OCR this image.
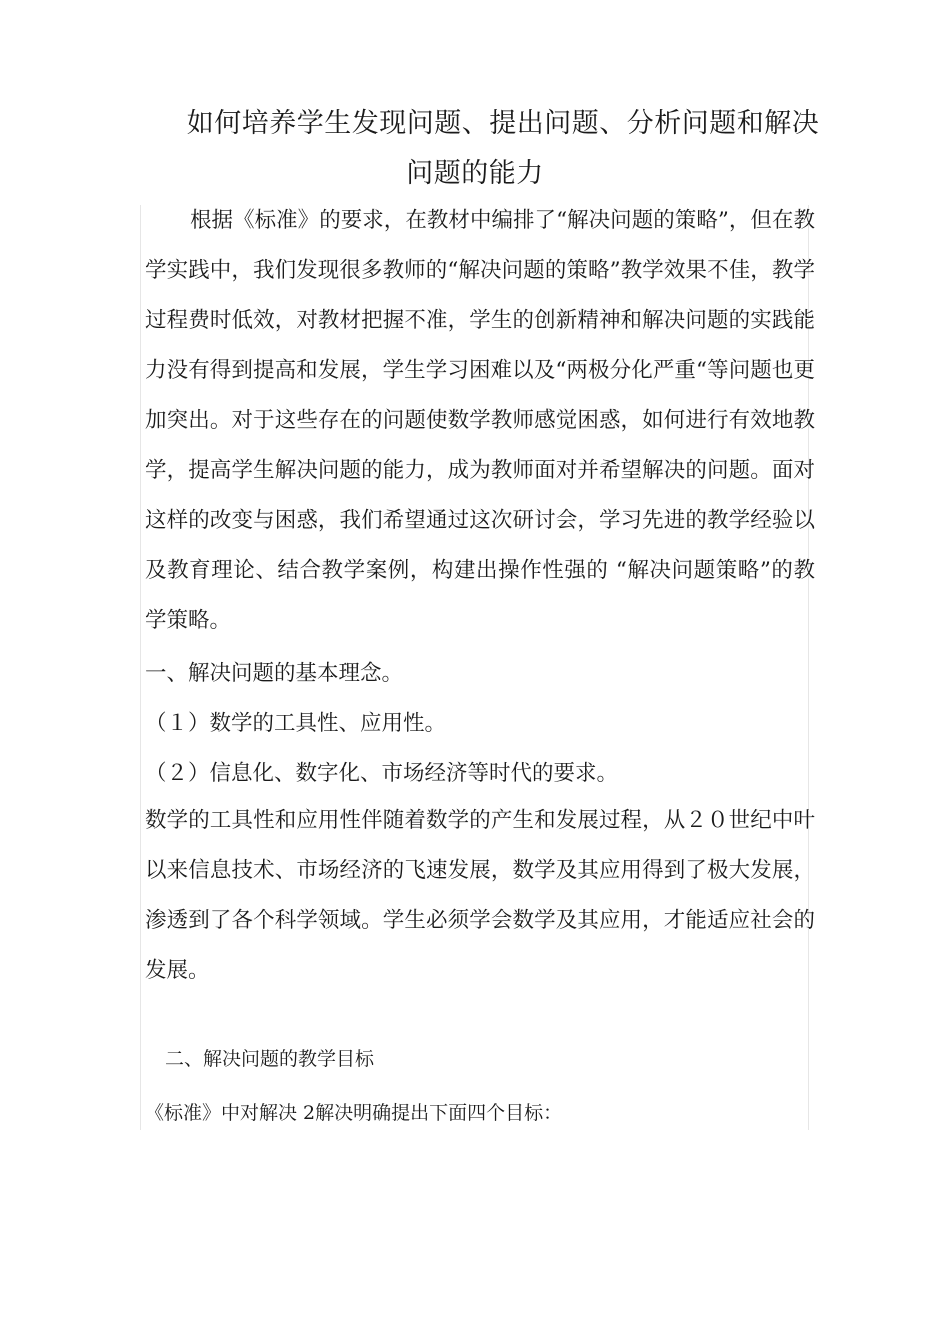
如何培养学生发现问题、提出问题、分析问题和解决
问题的能力

根据《标准》的要求，在教材中编排了“解决问题的策略”，但在教学实践中，我们发现很多教师的“解决问题的策略”教学效果不佳，教学过程费时低效，对教材把握不准，学生的创新精神和解决问题的实践能力没有得到提高和发展，学生学习困难以及“两极分化严重“等问题也更加突出。对于这些存在的问题使数学教师感觉困惑，如何进行有效地教学，提高学生解决问题的能力，成为教师面对并希望解决的问题。面对这样的改变与困惑，我们希望通过这次研讨会，学习先进的教学经验以及教育理论、结合教学案例，构建出操作性强的 “解决问题策略”的教学策略。

一、解决问题的基本理念。
（１）数学的工具性、应用性。
（２）信息化、数字化、市场经济等时代的要求。

数学的工具性和应用性伴随着数学的产生和发展过程，从２０世纪中叶以来信息技术、市场经济的飞速发展，数学及其应用得到了极大发展，渗透到了各个科学领域。学生必须学会数学及其应用，才能适应社会的发展。

二、解决问题的教学目标
《标准》中对解决 2解决明确提出下面四个目标：
